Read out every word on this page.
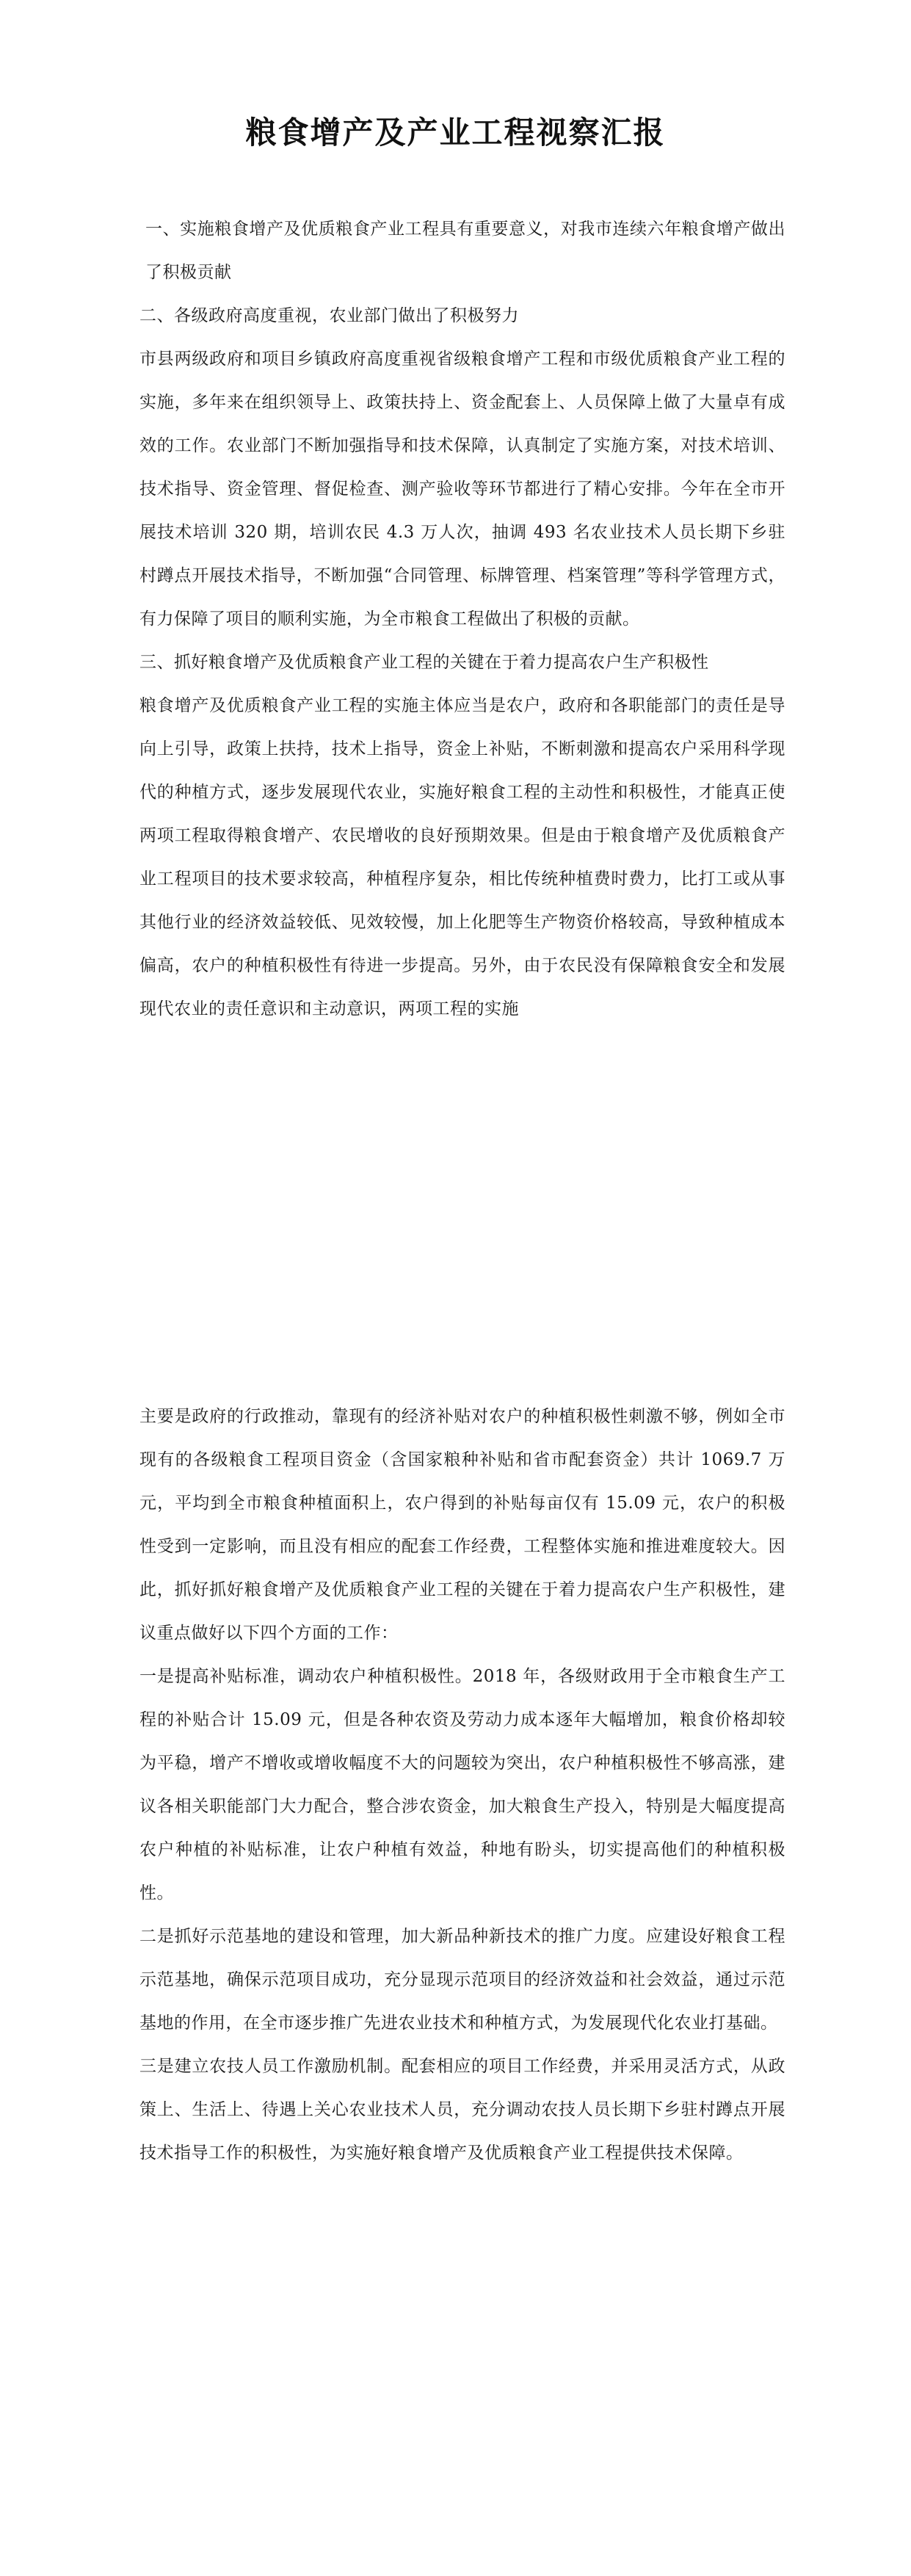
粮食增产及产业工程视察汇报

一、实施粮食增产及优质粮食产业工程具有重要意义，对我市连续六年粮食增产做出了积极贡献

二、各级政府高度重视，农业部门做出了积极努力

市县两级政府和项目乡镇政府高度重视省级粮食增产工程和市级优质粮食产业工程的实施，多年来在组织领导上、政策扶持上、资金配套上、人员保障上做了大量卓有成效的工作。农业部门不断加强指导和技术保障，认真制定了实施方案，对技术培训、技术指导、资金管理、督促检查、测产验收等环节都进行了精心安排。今年在全市开展技术培训 320 期，培训农民 4.3 万人次，抽调 493 名农业技术人员长期下乡驻村蹲点开展技术指导，不断加强“合同管理、标牌管理、档案管理”等科学管理方式，有力保障了项目的顺利实施，为全市粮食工程做出了积极的贡献。

三、抓好粮食增产及优质粮食产业工程的关键在于着力提高农户生产积极性

粮食增产及优质粮食产业工程的实施主体应当是农户，政府和各职能部门的责任是导向上引导，政策上扶持，技术上指导，资金上补贴，不断刺激和提高农户采用科学现代的种植方式，逐步发展现代农业，实施好粮食工程的主动性和积极性，才能真正使两项工程取得粮食增产、农民增收的良好预期效果。但是由于粮食增产及优质粮食产业工程项目的技术要求较高，种植程序复杂，相比传统种植费时费力，比打工或从事其他行业的经济效益较低、见效较慢，加上化肥等生产物资价格较高，导致种植成本偏高，农户的种植积极性有待进一步提高。另外，由于农民没有保障粮食安全和发展现代农业的责任意识和主动意识，两项工程的实施

主要是政府的行政推动，靠现有的经济补贴对农户的种植积极性刺激不够，例如全市现有的各级粮食工程项目资金（含国家粮种补贴和省市配套资金）共计 1069.7 万元，平均到全市粮食种植面积上，农户得到的补贴每亩仅有 15.09 元，农户的积极性受到一定影响，而且没有相应的配套工作经费，工程整体实施和推进难度较大。因此，抓好抓好粮食增产及优质粮食产业工程的关键在于着力提高农户生产积极性，建议重点做好以下四个方面的工作：

一是提高补贴标准，调动农户种植积极性。2018 年，各级财政用于全市粮食生产工程的补贴合计 15.09 元，但是各种农资及劳动力成本逐年大幅增加，粮食价格却较为平稳，增产不增收或增收幅度不大的问题较为突出，农户种植积极性不够高涨，建议各相关职能部门大力配合，整合涉农资金，加大粮食生产投入，特别是大幅度提高农户种植的补贴标准，让农户种植有效益，种地有盼头，切实提高他们的种植积极性。

二是抓好示范基地的建设和管理，加大新品种新技术的推广力度。应建设好粮食工程示范基地，确保示范项目成功，充分显现示范项目的经济效益和社会效益，通过示范基地的作用，在全市逐步推广先进农业技术和种植方式，为发展现代化农业打基础。

三是建立农技人员工作激励机制。配套相应的项目工作经费，并采用灵活方式，从政策上、生活上、待遇上关心农业技术人员，充分调动农技人员长期下乡驻村蹲点开展技术指导工作的积极性，为实施好粮食增产及优质粮食产业工程提供技术保障。
